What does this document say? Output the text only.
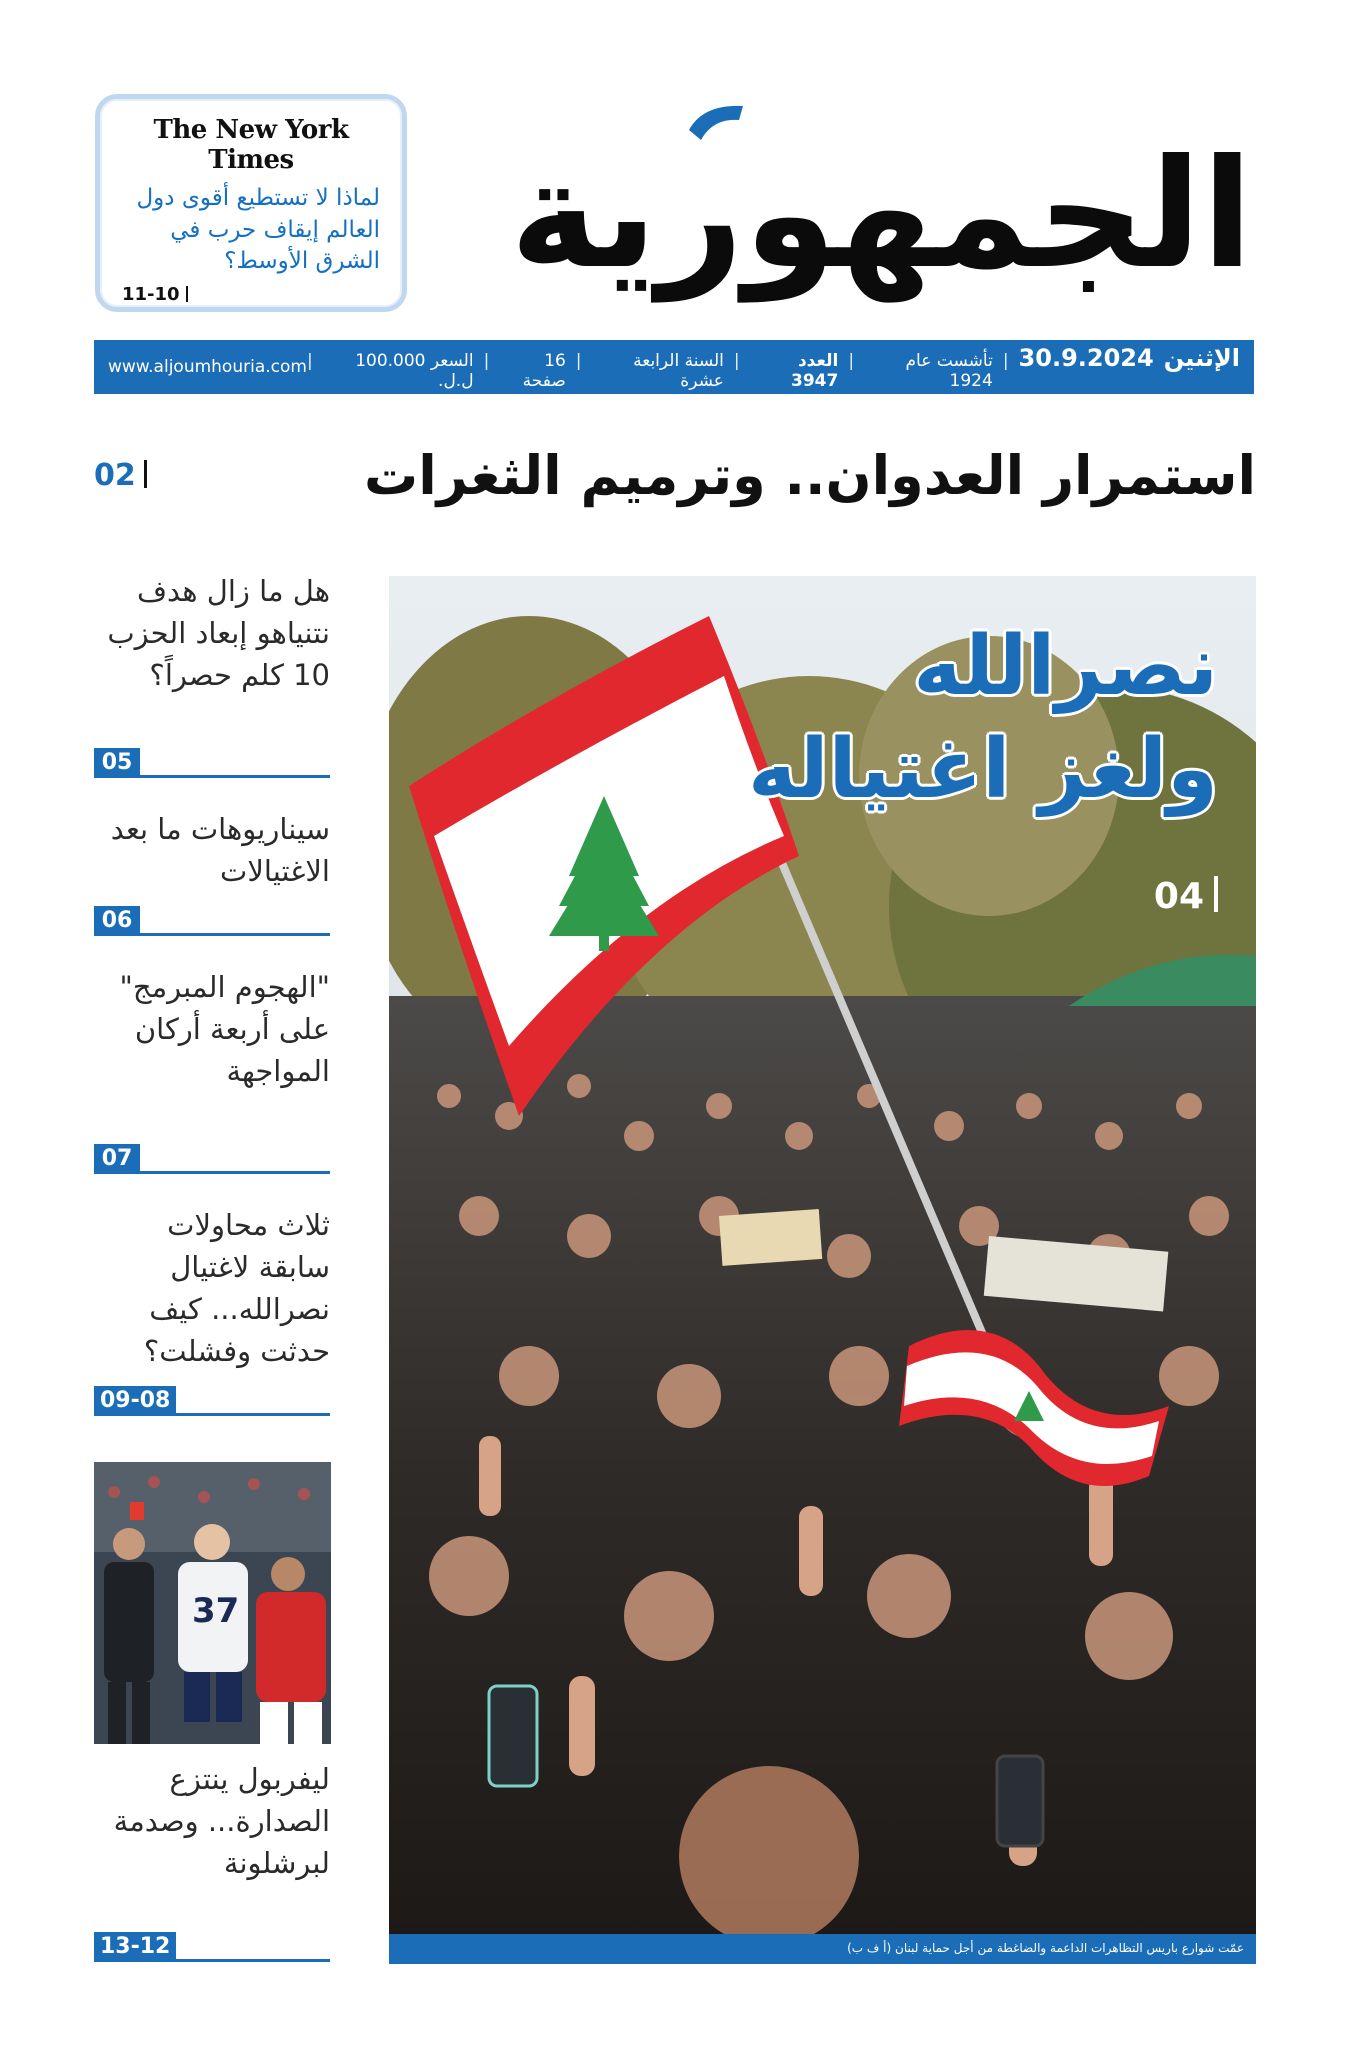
الجمهورية
The New York Times
لماذا لا تستطيع أقوى دول العالم إيقاف حرب في الشرق الأوسط؟
11-10
www.aljoumhouria.com	الإثنين
30.9.2024
|
تأشست عام 1924
|
العدد 3947
|
السنة الرابعة عشرة
|
16 صفحة
|
السعر 100.000 ل.ل.
|
02	استمرار العدوان.. وترميم الثغرات
نصرالله
ولغز اغتياله
04
عمّت شوارع باريس التظاهرات الداعمة والضاغطة من أجل حماية لبنان (أ ف ب)
هل ما زال هدف نتنياهو إبعاد الحزب 10 كلم حصراً؟
05
سيناريوهات ما بعد الاغتيالات
06
"الهجوم المبرمج" على أربعة أركان المواجهة
07
ثلاث محاولات سابقة لاغتيال نصرالله... كيف حدثت وفشلت؟
09-08
37
ليفربول ينتزع الصدارة... وصدمة لبرشلونة
13-12
